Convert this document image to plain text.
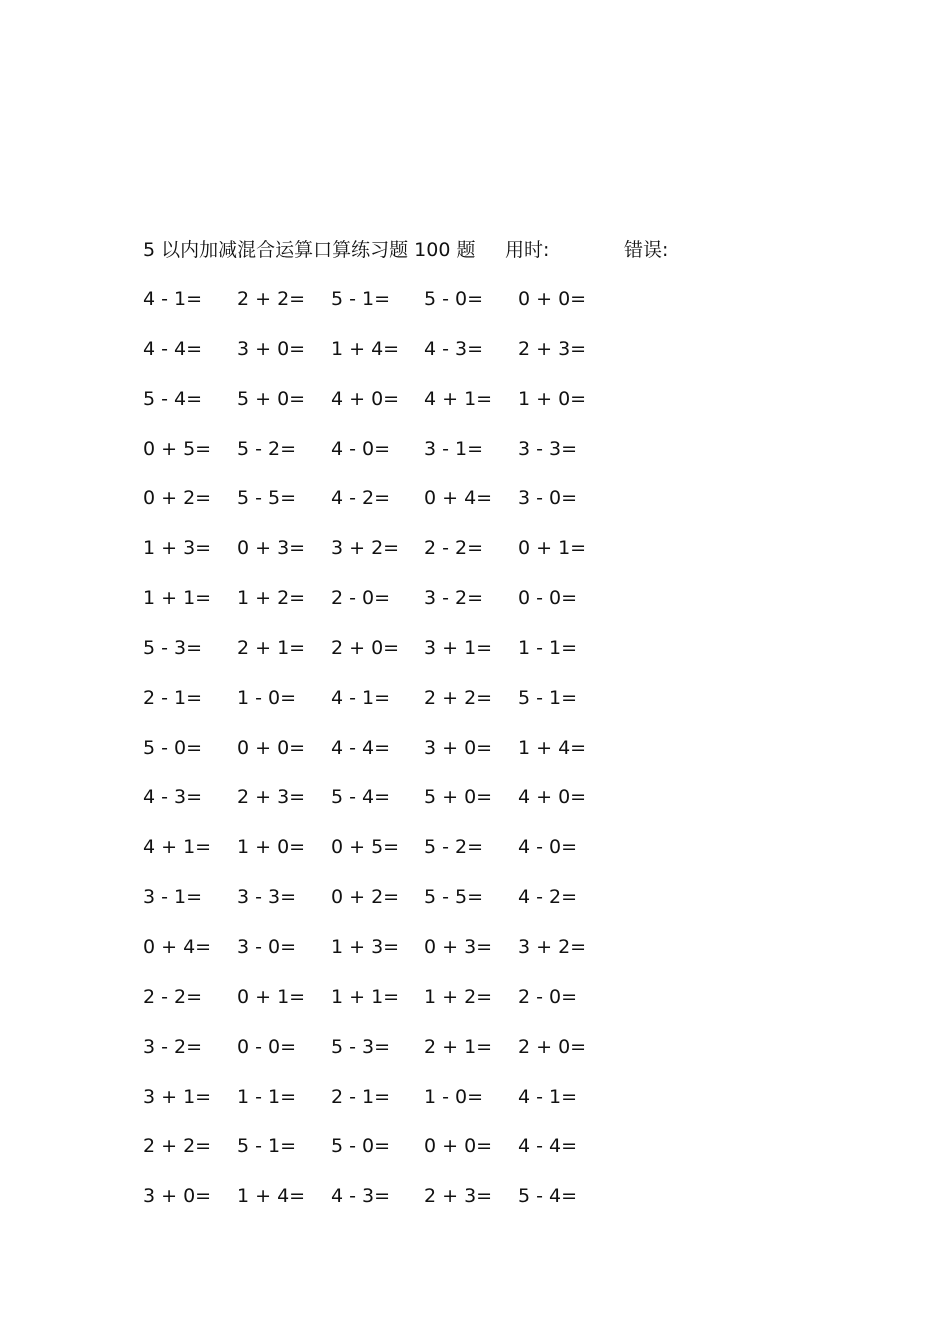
5 以内加减混合运算口算练习题 100 题 用时:	错误:
4 - 1=	2 + 2=	5 - 1=	5 - 0=	0 + 0=
4 - 4=	3 + 0=	1 + 4=	4 - 3=	2 + 3=
5 - 4=	5 + 0=	4 + 0=	4 + 1=	1 + 0=
0 + 5=	5 - 2=	4 - 0=	3 - 1=	3 - 3=
0 + 2=	5 - 5=	4 - 2=	0 + 4=	3 - 0=
1 + 3=	0 + 3=	3 + 2=	2 - 2=	0 + 1=
1 + 1=	1 + 2=	2 - 0=	3 - 2=	0 - 0=
5 - 3=	2 + 1=	2 + 0=	3 + 1=	1 - 1=
2 - 1=	1 - 0=	4 - 1=	2 + 2=	5 - 1=
5 - 0=	0 + 0=	4 - 4=	3 + 0=	1 + 4=
4 - 3=	2 + 3=	5 - 4=	5 + 0=	4 + 0=
4 + 1=	1 + 0=	0 + 5=	5 - 2=	4 - 0=
3 - 1=	3 - 3=	0 + 2=	5 - 5=	4 - 2=
0 + 4=	3 - 0=	1 + 3=	0 + 3=	3 + 2=
2 - 2=	0 + 1=	1 + 1=	1 + 2=	2 - 0=
3 - 2=	0 - 0=	5 - 3=	2 + 1=	2 + 0=
3 + 1=	1 - 1=	2 - 1=	1 - 0=	4 - 1=
2 + 2=	5 - 1=	5 - 0=	0 + 0=	4 - 4=
3 + 0=	1 + 4=	4 - 3=	2 + 3=	5 - 4=
